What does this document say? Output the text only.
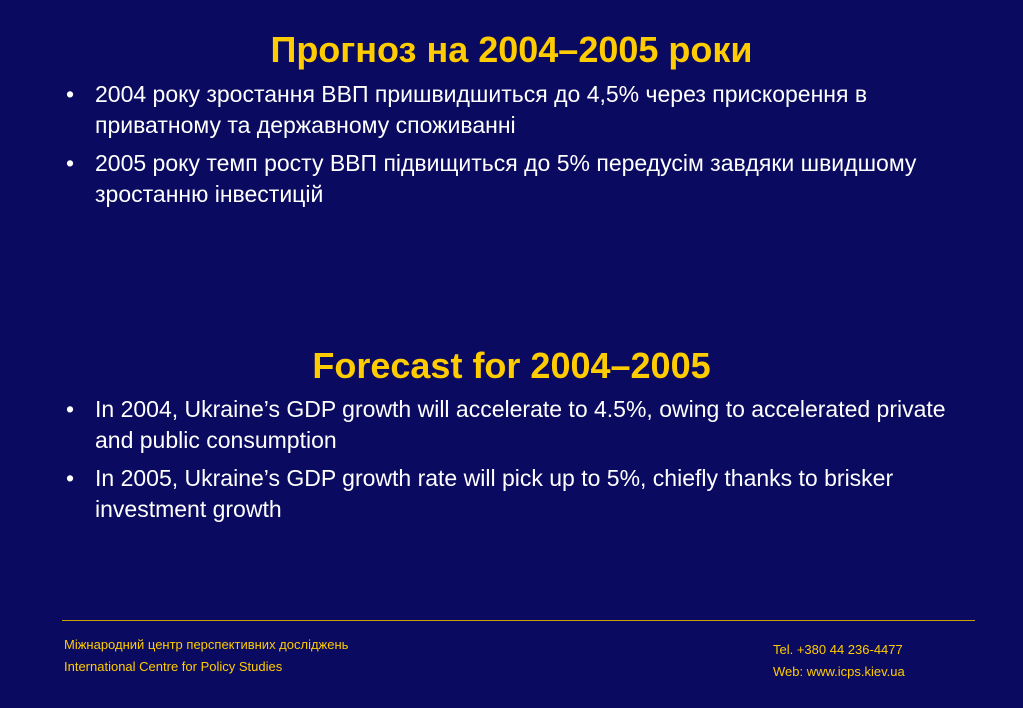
Прогноз на 2004–2005 роки
• 2004 року зростання ВВП пришвидшиться до 4,5% через прискорення в приватному та державному споживанні
• 2005 року темп росту ВВП підвищиться до 5% передусім завдяки швидшому зростанню інвестицій
Forecast for 2004–2005
• In 2004, Ukraine’s GDP growth will accelerate to 4.5%, owing to accelerated private and public consumption
• In 2005, Ukraine’s GDP growth rate will pick up to 5%, chiefly thanks to brisker investment growth
Міжнародний центр перспективних досліджень
International Centre for Policy Studies
Tel. +380 44 236-4477
Web: www.icps.kiev.ua
